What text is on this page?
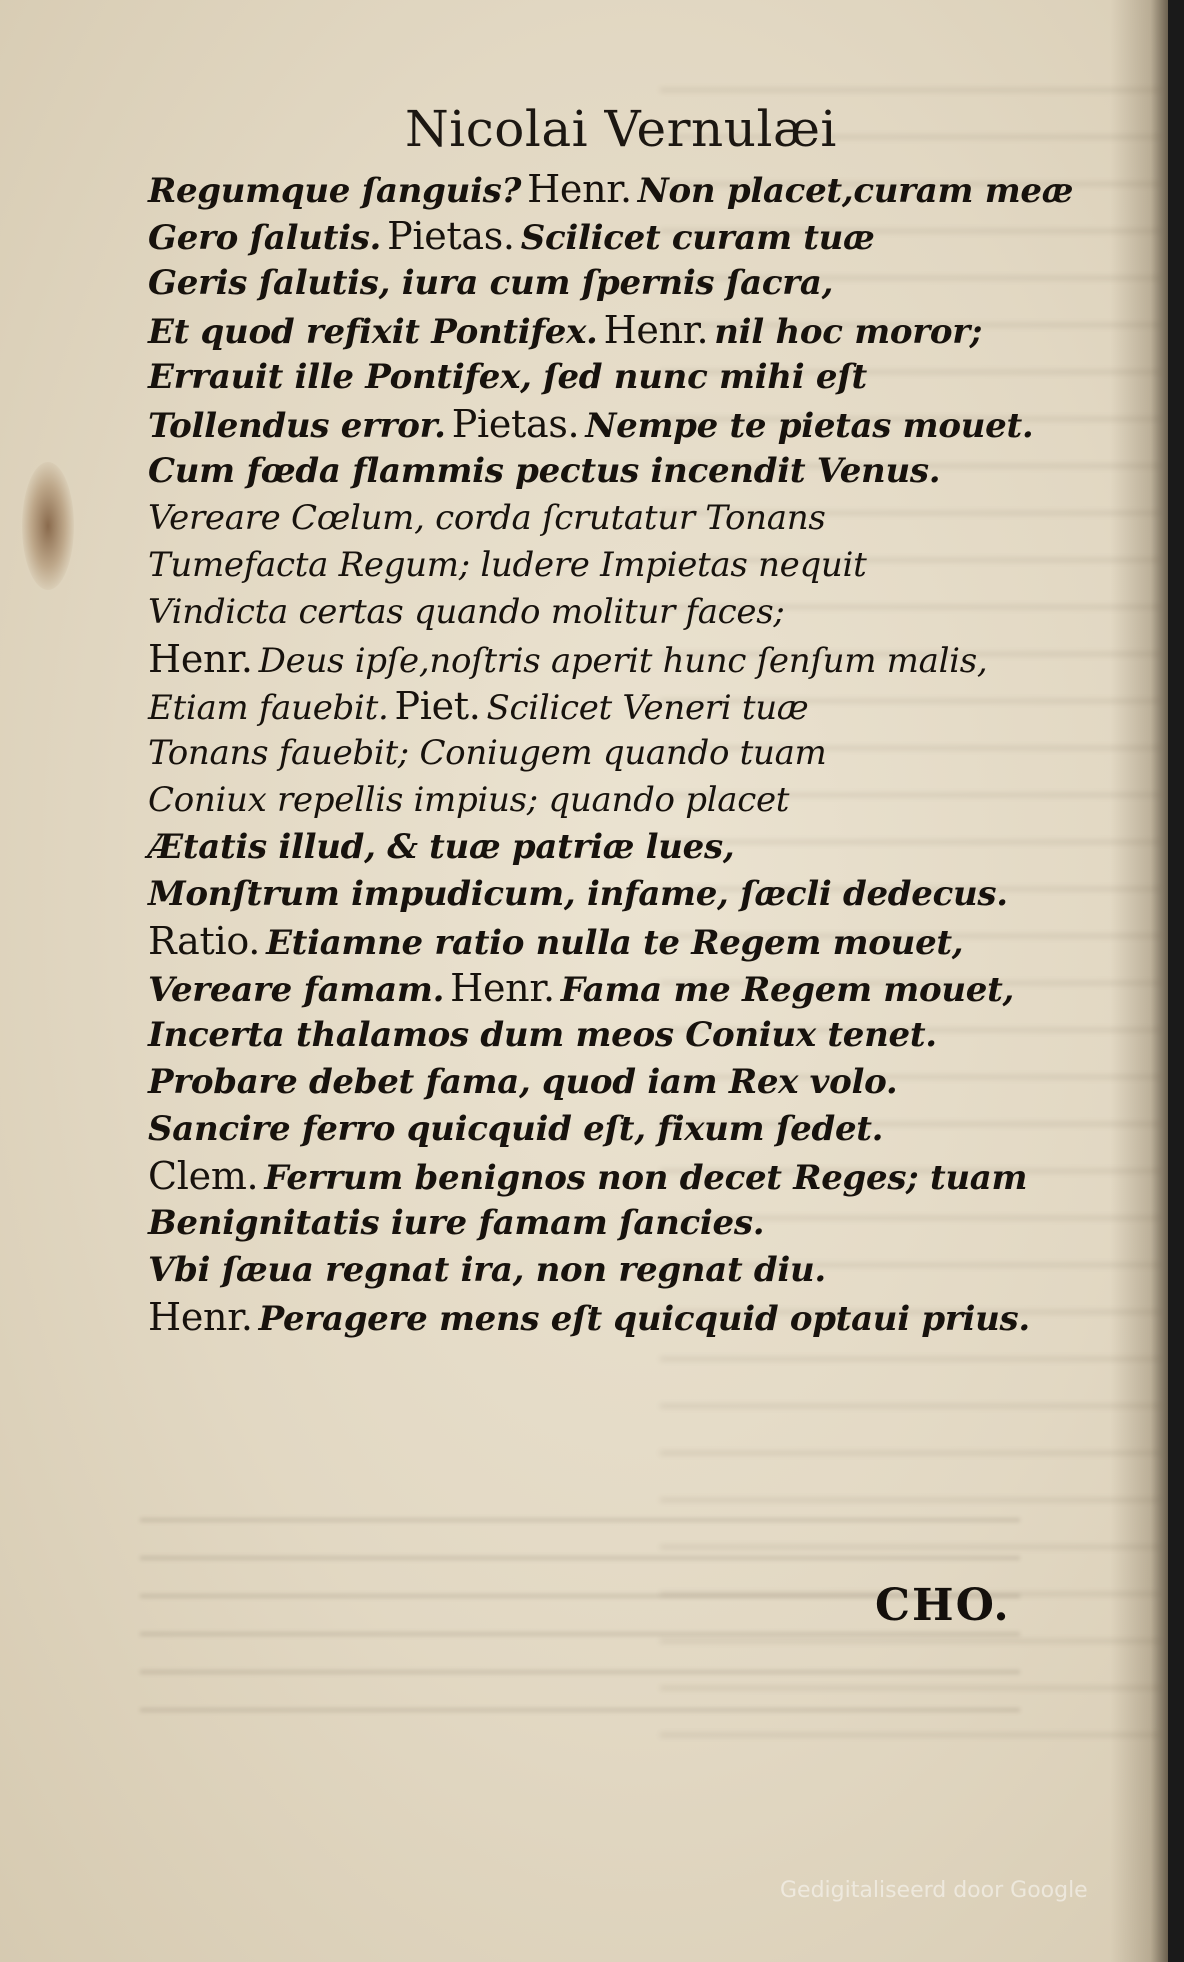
Nicolai Vernulæi
Regumque ſanguis? Henr. Non placet,curam meæ
Gero ſalutis. Pietas. Scilicet curam tuæ
Geris ſalutis, iura cum ſpernis ſacra,
Et quod refixit Pontifex. Henr. nil hoc moror;
Errauit ille Pontifex, ſed nunc mihi eſt
Tollendus error. Pietas. Nempe te pietas mouet.
Cum fœda flammis pectus incendit Venus.
Vereare Cœlum, corda ſcrutatur Tonans
Tumefacta Regum; ludere Impietas nequit
Vindicta certas quando molitur faces;
Henr. Deus ipſe,noſtris aperit hunc ſenſum malis,
Etiam fauebit. Piet. Scilicet Veneri tuæ
Tonans fauebit; Coniugem quando tuam
Coniux repellis impius; quando placet
Ætatis illud, & tuæ patriæ lues,
Monſtrum impudicum, infame, ſæcli dedecus.
Ratio. Etiamne ratio nulla te Regem mouet,
Vereare famam. Henr. Fama me Regem mouet,
Incerta thalamos dum meos Coniux tenet.
Probare debet fama, quod iam Rex volo.
Sancire ferro quicquid eſt, fixum ſedet.
Clem. Ferrum benignos non decet Reges; tuam
Benignitatis iure famam ſancies.
Vbi ſæua regnat ira, non regnat diu.
Henr. Peragere mens eſt quicquid optaui prius.
CHO.
Gedigitaliseerd door Google
